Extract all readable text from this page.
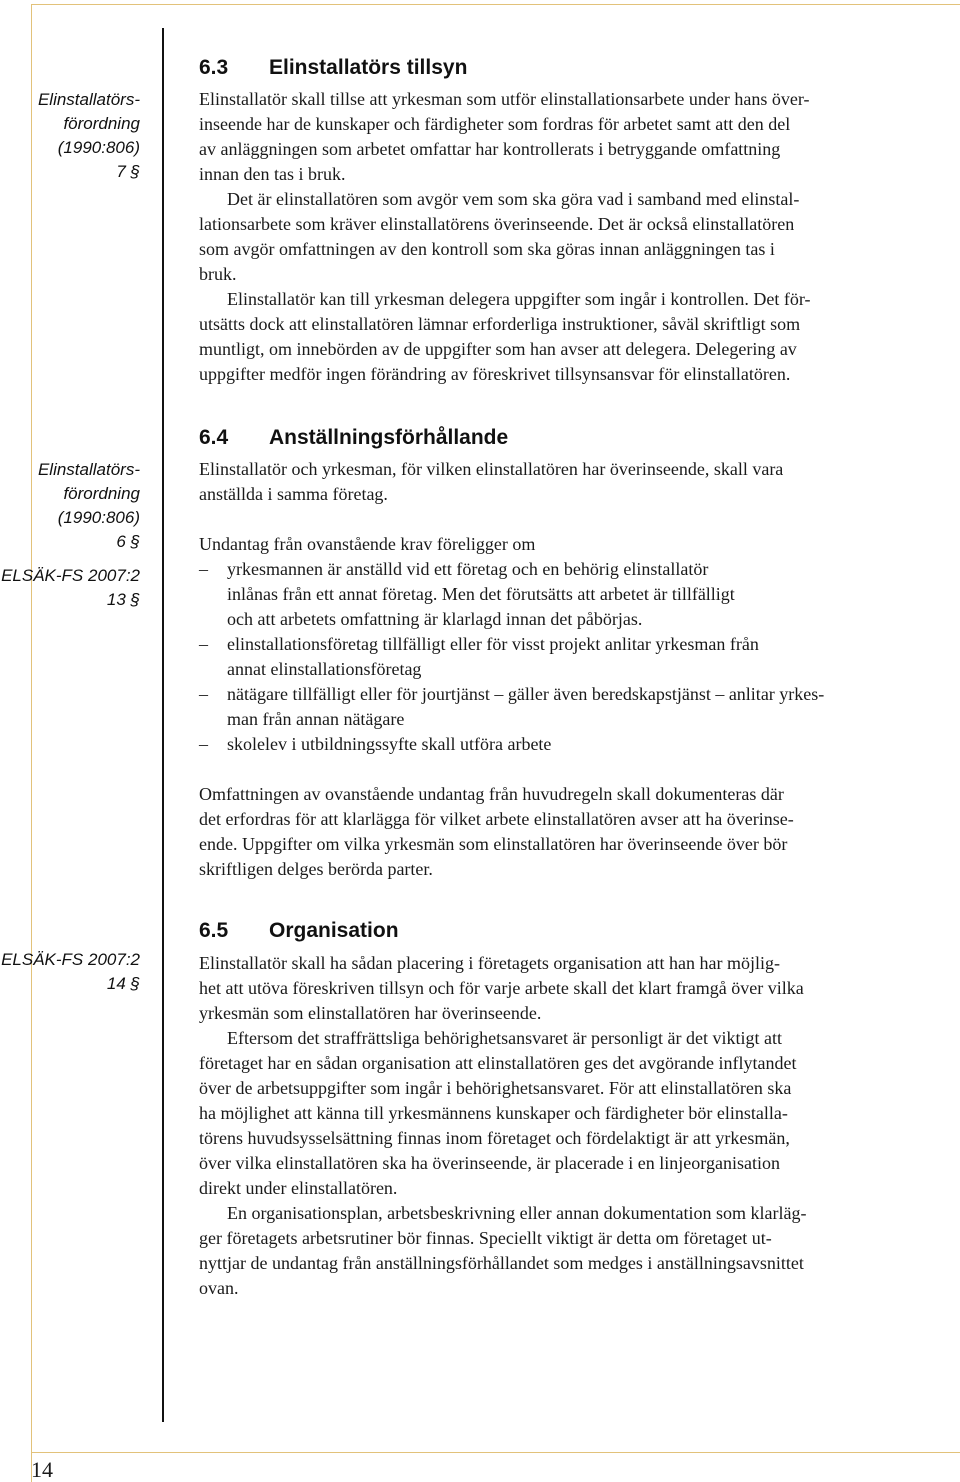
Elinstallatörs-
förordning
(1990:806)
7 §
Elinstallatörs-
förordning
(1990:806)
6 §
ELSÄK-FS 2007:2
13 §
ELSÄK-FS 2007:2
14 §
6.3 Elinstallatörs tillsyn
Elinstallatör skall tillse att yrkesman som utför elinstallationsarbete under hans över-
inseende har de kunskaper och färdigheter som fordras för arbetet samt att den del
av anläggningen som arbetet omfattar har kontrollerats i betryggande omfattning
innan den tas i bruk.
Det är elinstallatören som avgör vem som ska göra vad i samband med elinstal-
lationsarbete som kräver elinstallatörens överinseende. Det är också elinstallatören
som avgör omfattningen av den kontroll som ska göras innan anläggningen tas i
bruk.
Elinstallatör kan till yrkesman delegera uppgifter som ingår i kontrollen. Det för-
utsätts dock att elinstallatören lämnar erforderliga instruktioner, såväl skriftligt som
muntligt, om innebörden av de uppgifter som han avser att delegera. Delegering av
uppgifter medför ingen förändring av föreskrivet tillsynsansvar för elinstallatören.
6.4 Anställningsförhållande
Elinstallatör och yrkesman, för vilken elinstallatören har överinseende, skall vara
anställda i samma företag.
Undantag från ovanstående krav föreligger om
– yrkesmannen är anställd vid ett företag och en behörig elinstallatör
inlånas från ett annat företag. Men det förutsätts att arbetet är tillfälligt
och att arbetets omfattning är klarlagd innan det påbörjas.
– elinstallationsföretag tillfälligt eller för visst projekt anlitar yrkesman från
annat elinstallationsföretag
– nätägare tillfälligt eller för jourtjänst – gäller även beredskapstjänst – anlitar yrkes-
man från annan nätägare
– skolelev i utbildningssyfte skall utföra arbete
Omfattningen av ovanstående undantag från huvudregeln skall dokumenteras där
det erfordras för att klarlägga för vilket arbete elinstallatören avser att ha överinse-
ende. Uppgifter om vilka yrkesmän som elinstallatören har överinseende över bör
skriftligen delges berörda parter.
6.5 Organisation
Elinstallatör skall ha sådan placering i företagets organisation att han har möjlig-
het att utöva föreskriven tillsyn och för varje arbete skall det klart framgå över vilka
yrkesmän som elinstallatören har överinseende.
Eftersom det straffrättsliga behörighetsansvaret är personligt är det viktigt att
företaget har en sådan organisation att elinstallatören ges det avgörande inflytandet
över de arbetsuppgifter som ingår i behörighetsansvaret. För att elinstallatören ska
ha möjlighet att känna till yrkesmännens kunskaper och färdigheter bör elinstalla-
törens huvudsysselsättning finnas inom företaget och fördelaktigt är att yrkesmän,
över vilka elinstallatören ska ha överinseende, är placerade i en linjeorganisation
direkt under elinstallatören.
En organisationsplan, arbetsbeskrivning eller annan dokumentation som klarläg-
ger företagets arbetsrutiner bör finnas. Speciellt viktigt är detta om företaget ut-
nyttjar de undantag från anställningsförhållandet som medges i anställningsavsnittet
ovan.
14
